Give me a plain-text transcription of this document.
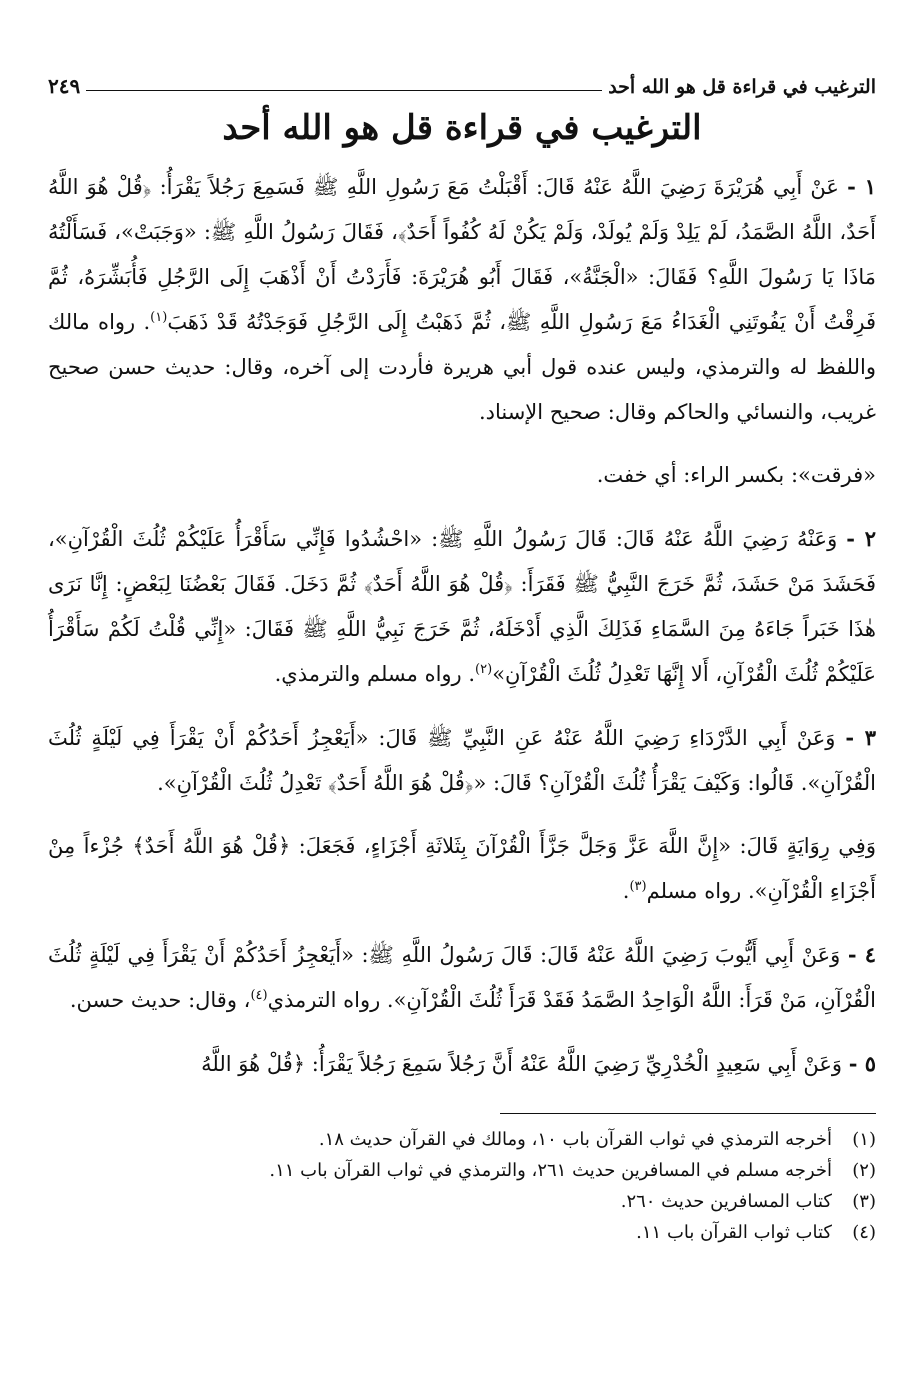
الترغيب في قراءة قل هو الله أحد
٢٤٩
الترغيب في قراءة قل هو الله أحد

١ - عَنْ أَبِي هُرَيْرَةَ رَضِيَ اللَّهُ عَنْهُ قَالَ: أَقْبَلْتُ مَعَ رَسُولِ اللَّهِ ﷺ فَسَمِعَ رَجُلاً يَقْرَأُ: ﴿قُلْ هُوَ اللَّهُ أَحَدٌ، اللَّهُ الصَّمَدُ، لَمْ يَلِدْ وَلَمْ يُولَدْ، وَلَمْ يَكُنْ لَهُ كُفُواً أَحَدٌ﴾، فَقَالَ رَسُولُ اللَّهِ ﷺ: «وَجَبَتْ»، فَسَأَلْتُهُ مَاذَا يَا رَسُولَ اللَّهِ؟ فَقَالَ: «الْجَنَّةُ»، فَقَالَ أَبُو هُرَيْرَةَ: فَأَرَدْتُ أَنْ أَذْهَبَ إِلَى الرَّجُلِ فَأُبَشِّرَهُ، ثُمَّ فَرِقْتُ أَنْ يَفُوتَنِي الْغَدَاءُ مَعَ رَسُولِ اللَّهِ ﷺ، ثُمَّ ذَهَبْتُ إِلَى الرَّجُلِ فَوَجَدْتُهُ قَدْ ذَهَبَ$^{(١)}$. رواه مالك واللفظ له والترمذي، وليس عنده قول أبي هريرة فأردت إلى آخره، وقال: حديث حسن صحيح غريب، والنسائي والحاكم وقال: صحيح الإسناد.

«فرقت»: بكسر الراء: أي خفت.

٢ - وَعَنْهُ رَضِيَ اللَّهُ عَنْهُ قَالَ: قَالَ رَسُولُ اللَّهِ ﷺ: «احْشُدُوا فَإِنِّي سَأَقْرَأُ عَلَيْكُمْ ثُلُثَ الْقُرْآنِ»، فَحَشَدَ مَنْ حَشَدَ، ثُمَّ خَرَجَ النَّبِيُّ ﷺ فَقَرَأَ: ﴿قُلْ هُوَ اللَّهُ أَحَدٌ﴾ ثُمَّ دَخَلَ. فَقَالَ بَعْضُنَا لِبَعْضٍ: إِنَّا نَرَى هٰذَا خَبَراً جَاءَهُ مِنَ السَّمَاءِ فَذَلِكَ الَّذِي أَدْخَلَهُ، ثُمَّ خَرَجَ نَبِيُّ اللَّهِ ﷺ فَقَالَ: «إِنِّي قُلْتُ لَكُمْ سَأَقْرَأُ عَلَيْكُمْ ثُلُثَ الْقُرْآنِ، أَلا إِنَّهَا تَعْدِلُ ثُلُثَ الْقُرْآنِ»$^{(٢)}$. رواه مسلم والترمذي.

٣ - وَعَنْ أَبِي الدَّرْدَاءِ رَضِيَ اللَّهُ عَنْهُ عَنِ النَّبِيِّ ﷺ قَالَ: «أَيَعْجِزُ أَحَدُكُمْ أَنْ يَقْرَأَ فِي لَيْلَةٍ ثُلُثَ الْقُرْآنِ». قَالُوا: وَكَيْفَ يَقْرَأُ ثُلُثَ الْقُرْآنِ؟ قَالَ: «﴿قُلْ هُوَ اللَّهُ أَحَدٌ﴾ تَعْدِلُ ثُلُثَ الْقُرْآنِ».

وَفِي رِوَايَةٍ قَالَ: «إِنَّ اللَّهَ عَزَّ وَجَلَّ جَزَّأَ الْقُرْآنَ بِثَلاثَةِ أَجْزَاءٍ، فَجَعَلَ: ﴿قُلْ هُوَ اللَّهُ أَحَدٌ﴾ جُزْءاً مِنْ أَجْزَاءِ الْقُرْآنِ». رواه مسلم$^{(٣)}$.

٤ - وَعَنْ أَبِي أَيُّوبَ رَضِيَ اللَّهُ عَنْهُ قَالَ: قَالَ رَسُولُ اللَّهِ ﷺ: «أَيَعْجِزُ أَحَدُكُمْ أَنْ يَقْرَأَ فِي لَيْلَةٍ ثُلُثَ الْقُرْآنِ، مَنْ قَرَأَ: اللَّهُ الْوَاحِدُ الصَّمَدُ فَقَدْ قَرَأَ ثُلُثَ الْقُرْآنِ». رواه الترمذي$^{(٤)}$، وقال: حديث حسن.

٥ - وَعَنْ أَبِي سَعِيدٍ الْخُدْرِيِّ رَضِيَ اللَّهُ عَنْهُ أَنَّ رَجُلاً سَمِعَ رَجُلاً يَقْرَأُ: ﴿قُلْ هُوَ اللَّهُ

(١)
أخرجه الترمذي في ثواب القرآن باب ١٠، ومالك في القرآن حديث ١٨.
(٢)
أخرجه مسلم في المسافرين حديث ٢٦١، والترمذي في ثواب القرآن باب ١١.
(٣)
كتاب المسافرين حديث ٢٦٠.
(٤)
كتاب ثواب القرآن باب ١١.
